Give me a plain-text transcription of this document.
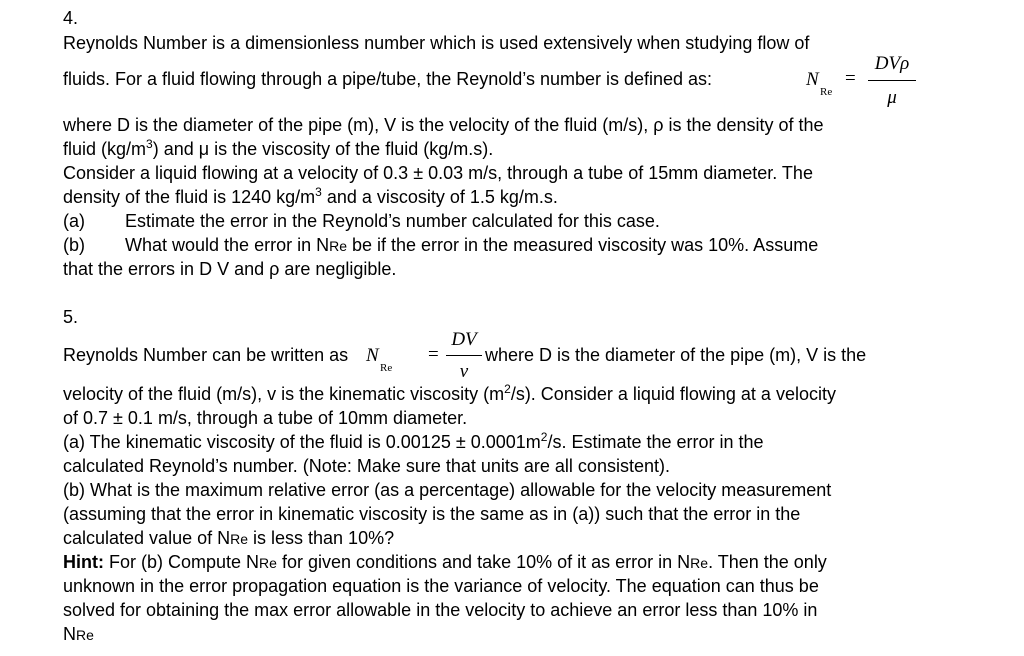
4.
Reynolds Number is a dimensionless number which is used extensively when studying flow of
fluids. For a fluid flowing through a pipe/tube, the Reynold’s number is defined as:	N
Re
=
DVρ
μ
where D is the diameter of the pipe (m), V is the velocity of the fluid (m/s), ρ is the density of the
fluid $(kg/m^3)$ and μ is the viscosity of the fluid (kg/m.s).
Consider a liquid flowing at a velocity of 0.3 ± 0.03 m/s, through a tube of 15mm diameter. The
density of the fluid is 1240 $kg/m^3$ and a viscosity of 1.5 kg/m.s.
(a) Estimate the error in the Reynold’s number calculated for this case.
(b) What would the error in NRe be if the error in the measured viscosity was 10%. Assume
that the errors in D V and ρ are negligible.
5.
Reynolds Number can be written as N
Re
=
DV
ν
where D is the diameter of the pipe (m), V is the
velocity of the fluid (m/s), v is the kinematic viscosity $(m^2/s)$. Consider a liquid flowing at a velocity
of 0.7 ± 0.1 m/s, through a tube of 10mm diameter.
(a) The kinematic viscosity of the fluid is $0.00125 \pm 0.0001m^2/s$. Estimate the error in the
calculated Reynold’s number. (Note: Make sure that units are all consistent).
(b) What is the maximum relative error (as a percentage) allowable for the velocity measurement
(assuming that the error in kinematic viscosity is the same as in (a)) such that the error in the
calculated value of NRe is less than 10%?
Hint: For (b) Compute NRe for given conditions and take 10% of it as error in NRe. Then the only
unknown in the error propagation equation is the variance of velocity. The equation can thus be
solved for obtaining the max error allowable in the velocity to achieve an error less than 10% in
NRe
